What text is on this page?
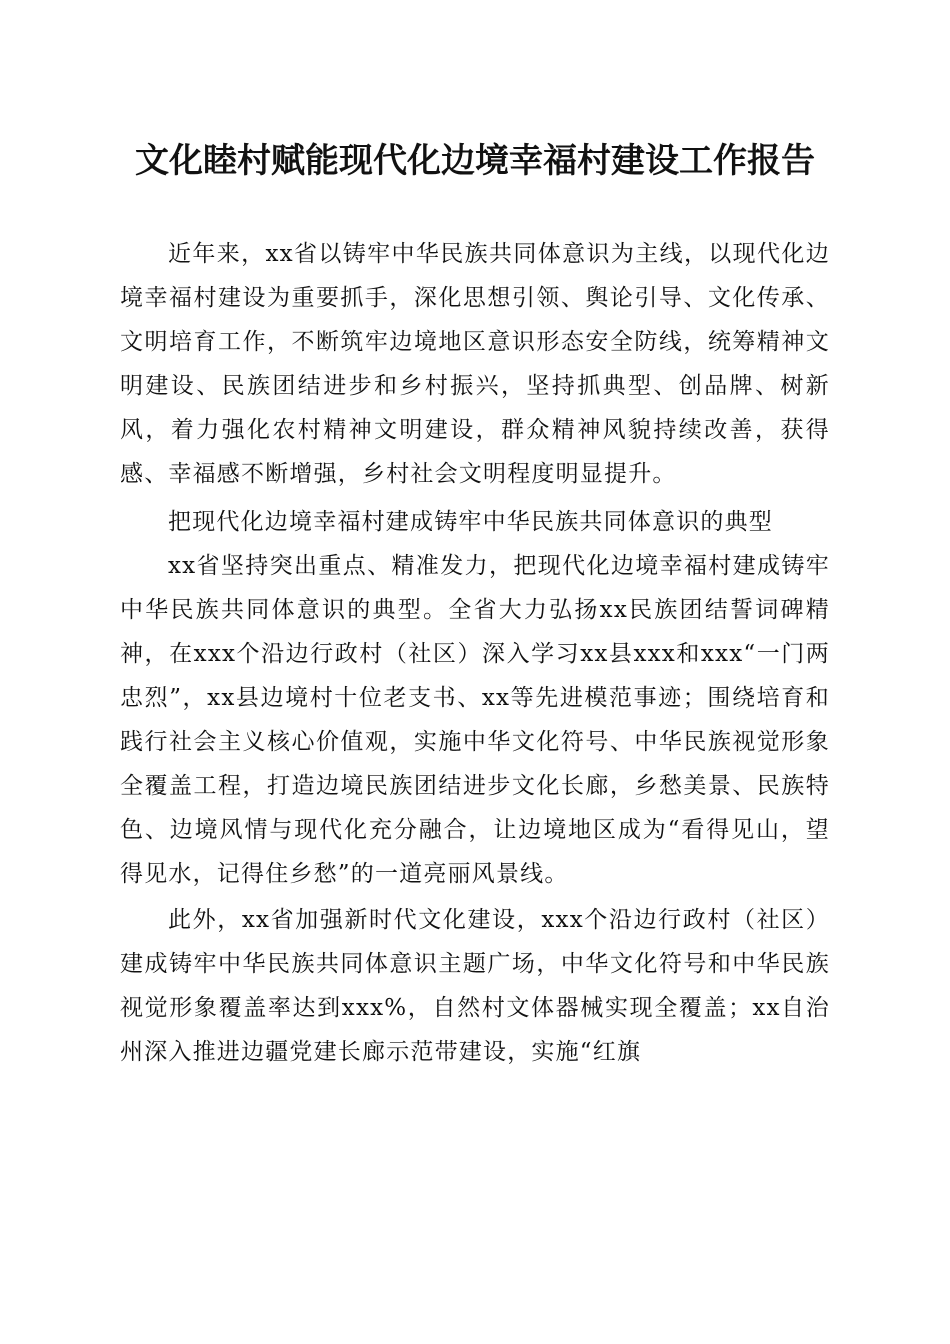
文化睦村赋能现代化边境幸福村建设工作报告

近年来，xx省以铸牢中华民族共同体意识为主线，以现代化边境幸福村建设为重要抓手，深化思想引领、舆论引导、文化传承、文明培育工作，不断筑牢边境地区意识形态安全防线，统筹精神文明建设、民族团结进步和乡村振兴，坚持抓典型、创品牌、树新风，着力强化农村精神文明建设，群众精神风貌持续改善，获得感、幸福感不断增强，乡村社会文明程度明显提升。

把现代化边境幸福村建成铸牢中华民族共同体意识的典型

xx省坚持突出重点、精准发力，把现代化边境幸福村建成铸牢中华民族共同体意识的典型。全省大力弘扬xx民族团结誓词碑精神，在xxx个沿边行政村（社区）深入学习xx县xxx和xxx“一门两忠烈”，xx县边境村十位老支书、xx等先进模范事迹；围绕培育和践行社会主义核心价值观，实施中华文化符号、中华民族视觉形象全覆盖工程，打造边境民族团结进步文化长廊，乡愁美景、民族特色、边境风情与现代化充分融合，让边境地区成为“看得见山，望得见水，记得住乡愁”的一道亮丽风景线。

此外，xx省加强新时代文化建设，xxx个沿边行政村（社区）建成铸牢中华民族共同体意识主题广场，中华文化符号和中华民族视觉形象覆盖率达到xxx%，自然村文体器械实现全覆盖；xx自治州深入推进边疆党建长廊示范带建设，实施“红旗
